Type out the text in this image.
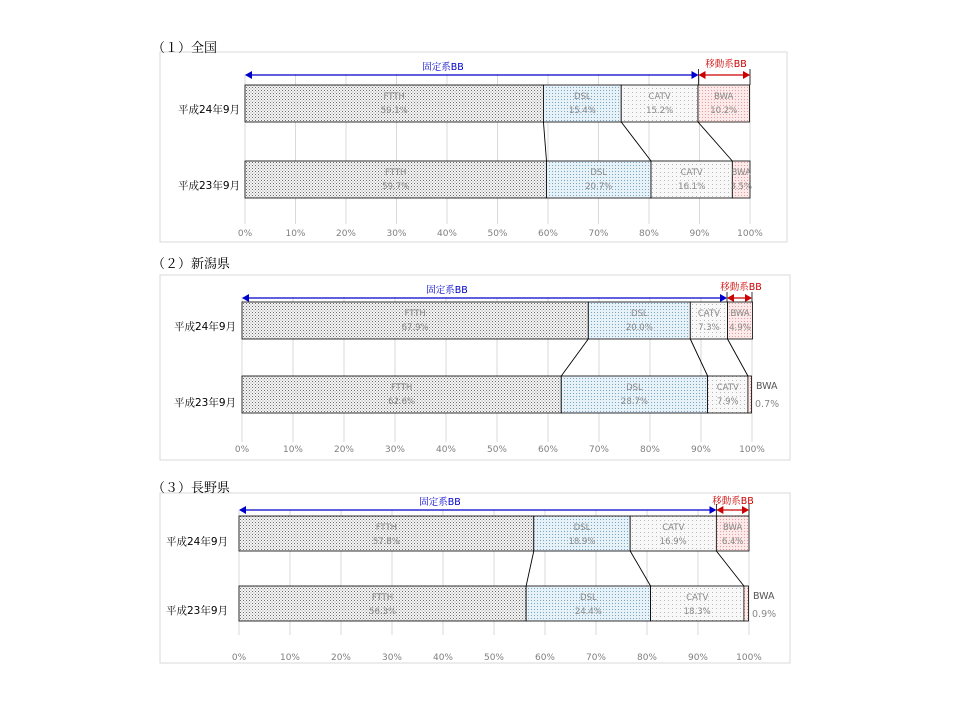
（１）全国
平成24年9月
平成23年9月
固定系BB	移動系BB
0%	10%	20%	30%	40%	50%	60%	70%	80%	90%	100%
FTTH
59.1%
DSL
15.4%
CATV
15.2%
BWA
10.2%
FTTH
59.7%
DSL
20.7%
CATV
16.1%
BWA
3.5%
（２）新潟県
平成24年9月
平成23年9月
固定系BB	移動系BB
0%	10%	20%	30%	40%	50%	60%	70%	80%	90%	100%
FTTH
67.9%
DSL
20.0%
CATV
7.3%
BWA
4.9%
FTTH
62.6%
DSL
28.7%
CATV
7.9%
BWA
0.7%
（３）長野県
平成24年9月
平成23年9月
固定系BB	移動系BB
0%	10%	20%	30%	40%	50%	60%	70%	80%	90%	100%
FTTH
57.8%
DSL
18.9%
CATV
16.9%
BWA
6.4%
FTTH
56.3%
DSL
24.4%
CATV
18.3%
BWA
0.9%
